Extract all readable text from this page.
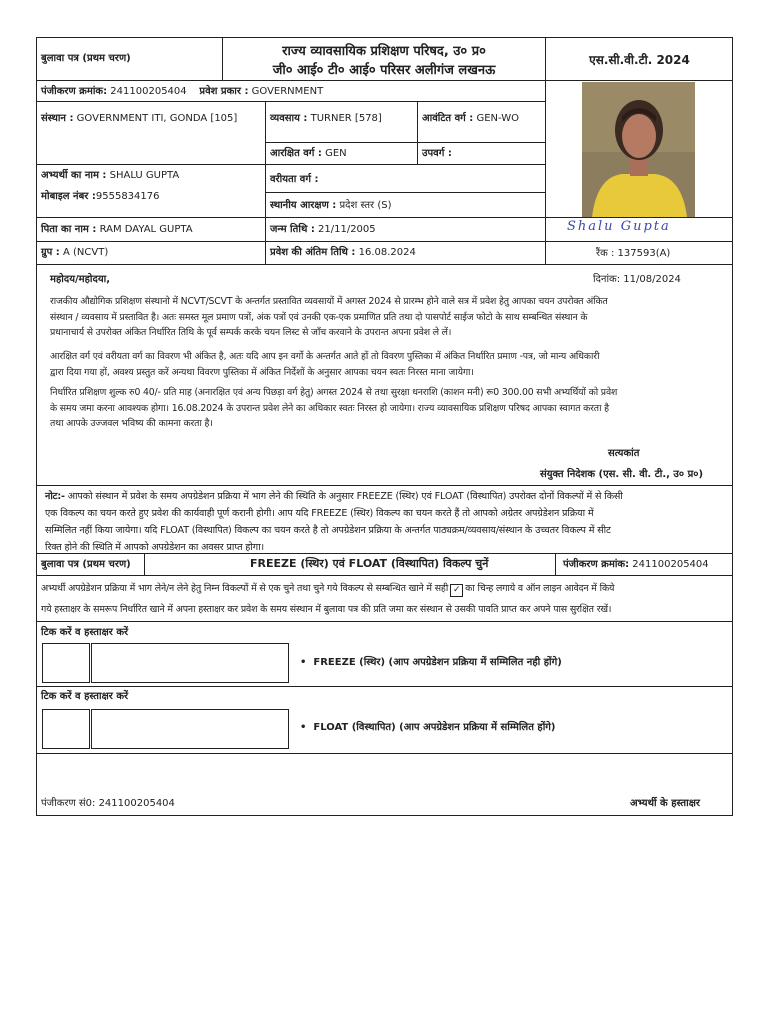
बुलावा पत्र (प्रथम चरण)	राज्य व्यावसायिक प्रशिक्षण परिषद, उ० प्र०
जी० आई० टी० आई० परिसर अलीगंज लखनऊ
एस.सी.वी.टी. 2024
पंजीकरण क्रमांक: 241100205404 प्रवेश प्रकार : GOVERNMENT
संस्थान : GOVERNMENT ITI, GONDA [105]	व्यवसाय : TURNER [578]	आवंटित वर्ग : GEN-WO
आरक्षित वर्ग : GEN	उपवर्ग :
अभ्यर्थी का नाम : SHALU GUPTA
मोबाइल नंबर :9555834176
वरीयता वर्ग :
स्थानीय आरक्षण : प्रदेश स्तर (S)
पिता का नाम : RAM DAYAL GUPTA	जन्म तिथि : 21/11/2005
ग्रुप : A (NCVT)	प्रवेश की अंतिम तिथि : 16.08.2024
Shalu Gupta
रैंक : 137593(A)
महोदय/महोदया,	दिनांक: 11/08/2024
राजकीय औद्योगिक प्रशिक्षण संस्थानो में NCVT/SCVT के अन्तर्गत प्रस्तावित व्यवसायों में अगस्त 2024 से प्रारम्भ होने वाले सत्र में प्रवेश हेतु आपका चयन उपरोक्त अंकित
संस्थान / व्यवसाय में प्रस्तावित है। अतः समस्त मूल प्रमाण पत्रों, अंक पत्रों एवं उनकी एक-एक प्रमाणित प्रति तथा दो पासपोर्ट साईज फोटो के साथ सम्बन्धित संस्थान के
प्रधानाचार्य से उपरोक्त अंकित निर्धारित तिथि के पूर्व सम्पर्क करके चयन लिस्ट से जाँच करवाने के उपरान्त अपना प्रवेश ले लें।
आरक्षित वर्ग एवं वरीयता वर्ग का विवरण भी अंकित है, अतः यदि आप इन वर्गो के अन्तर्गत आते हों तो विवरण पुस्तिका में अंकित निर्धारित प्रमाण -पत्र, जो मान्य अधिकारी
द्वारा दिया गया हों, अवश्य प्रस्तुत करें अन्यथा विवरण पुस्तिका में अंकित निर्देशों के अनुसार आपका चयन स्वतः निरस्त माना जायेगा।
निर्धारित प्रशिक्षण शुल्क रु0 40/- प्रति माह (अनारक्षित एवं अन्य पिछड़ा वर्ग हेतु) अगस्त 2024 से तथा सुरक्षा धनराशि (काशन मनी) रू0 300.00 सभी अभ्यर्थियों को प्रवेश
के समय जमा करना आवश्यक होगा। 16.08.2024 के उपरान्त प्रवेश लेने का अधिकार स्वतः निरस्त हो जायेगा। राज्य व्यावसायिक प्रशिक्षण परिषद आपका स्वागत करता है
तथा आपके उज्जवल भविष्य की कामना करता है।
सत्यकांत
संयुक्त निदेशक (एस. सी. वी. टी., उ० प्र०)
नोट:- आपको संस्थान में प्रवेश के समय अपग्रेडेशन प्रक्रिया में भाग लेने की स्थिति के अनुसार FREEZE (स्थिर) एवं FLOAT (विस्थापित) उपरोक्त दोनों विकल्पों में से किसी
एक विकल्प का चयन करते हुए प्रवेश की कार्यवाही पूर्ण करानी होगी। आप यदि FREEZE (स्थिर) विकल्प का चयन करते हैं तो आपको अग्रेतर अपग्रेडेशन प्रक्रिया में
सम्मिलित नहीं किया जायेगा। यदि FLOAT (विस्थापित) विकल्प का चयन करते है तो अपग्रेडेशन प्रक्रिया के अन्तर्गत पाठ्यक्रम/व्यवसाय/संस्थान के उच्चतर विकल्प में सीट
रिक्त होने की स्थिति में आपको अपग्रेडेशन का अवसर प्राप्त होगा।
बुलावा पत्र (प्रथम चरण)	FREEZE (स्थिर) एवं FLOAT (विस्थापित) विकल्प चुनें	पंजीकरण क्रमांक: 241100205404
अभ्यर्थी अपग्रेडेशन प्रक्रिया में भाग लेने/न लेने हेतु निम्न विकल्पों में से एक चुने तथा चुने गये विकल्प से सम्बन्धित खाने में सही ✓ का चिन्ह लगाये व ऑन लाइन आवेदन में किये
गये हस्ताक्षर के समरूप निर्धारित खाने में अपना हस्ताक्षर कर प्रवेश के समय संस्थान में बुलावा पत्र की प्रति जमा कर संस्थान से उसकी पावति प्राप्त कर अपने पास सुरक्षित रखें।
टिक करें व हस्ताक्षर करें
• FREEZE (स्थिर) (आप अपग्रेडेशन प्रक्रिया में सम्मिलित नही होंगे)
टिक करें व हस्ताक्षर करें
• FLOAT (विस्थापित) (आप अपग्रेडेशन प्रक्रिया में सम्मिलित होंगे)
पंजीकरण सं0: 241100205404	अभ्यर्थी के हस्ताक्षर
